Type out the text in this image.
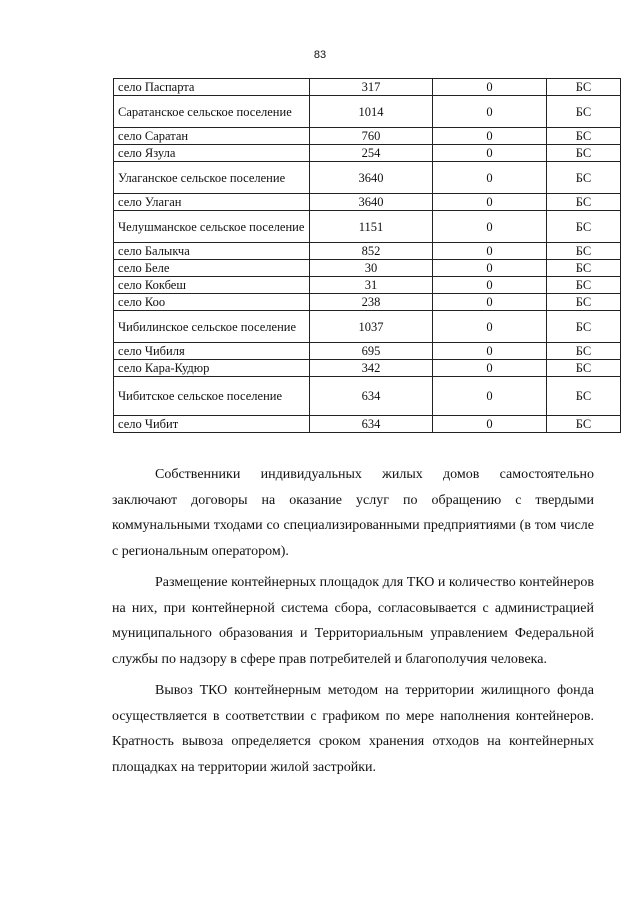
83
село Паспарта	317	0	БС
Саратанское сельское поселение	1014	0	БС
село Саратан	760	0	БС
село Язула	254	0	БС
Улаганское сельское поселение	3640	0	БС
село Улаган	3640	0	БС
Челушманское сельское поселение	1151	0	БС
село Балыкча	852	0	БС
село Беле	30	0	БС
село Кокбеш	31	0	БС
село Коо	238	0	БС
Чибилинское сельское поселение	1037	0	БС
село Чибиля	695	0	БС
село Кара-Кудюр	342	0	БС
Чибитское сельское поселение	634	0	БС
село Чибит	634	0	БС

Собственники индивидуальных жилых домов самостоятельно заключают договоры на оказание услуг по обращению с твердыми коммунальными тходами со специализированными предприятиями (в том числе с региональным оператором).

Размещение контейнерных площадок для ТКО и количество контейнеров на них, при контейнерной система сбора, согласовывается с администрацией муниципального образования и Территориальным управлением Федеральной службы по надзору в сфере прав потребителей и благополучия человека.

Вывоз ТКО контейнерным методом на территории жилищного фонда осуществляется в соответствии с графиком по мере наполнения контейнеров. Кратность вывоза определяется сроком хранения отходов на контейнерных площадках на территории жилой застройки.
